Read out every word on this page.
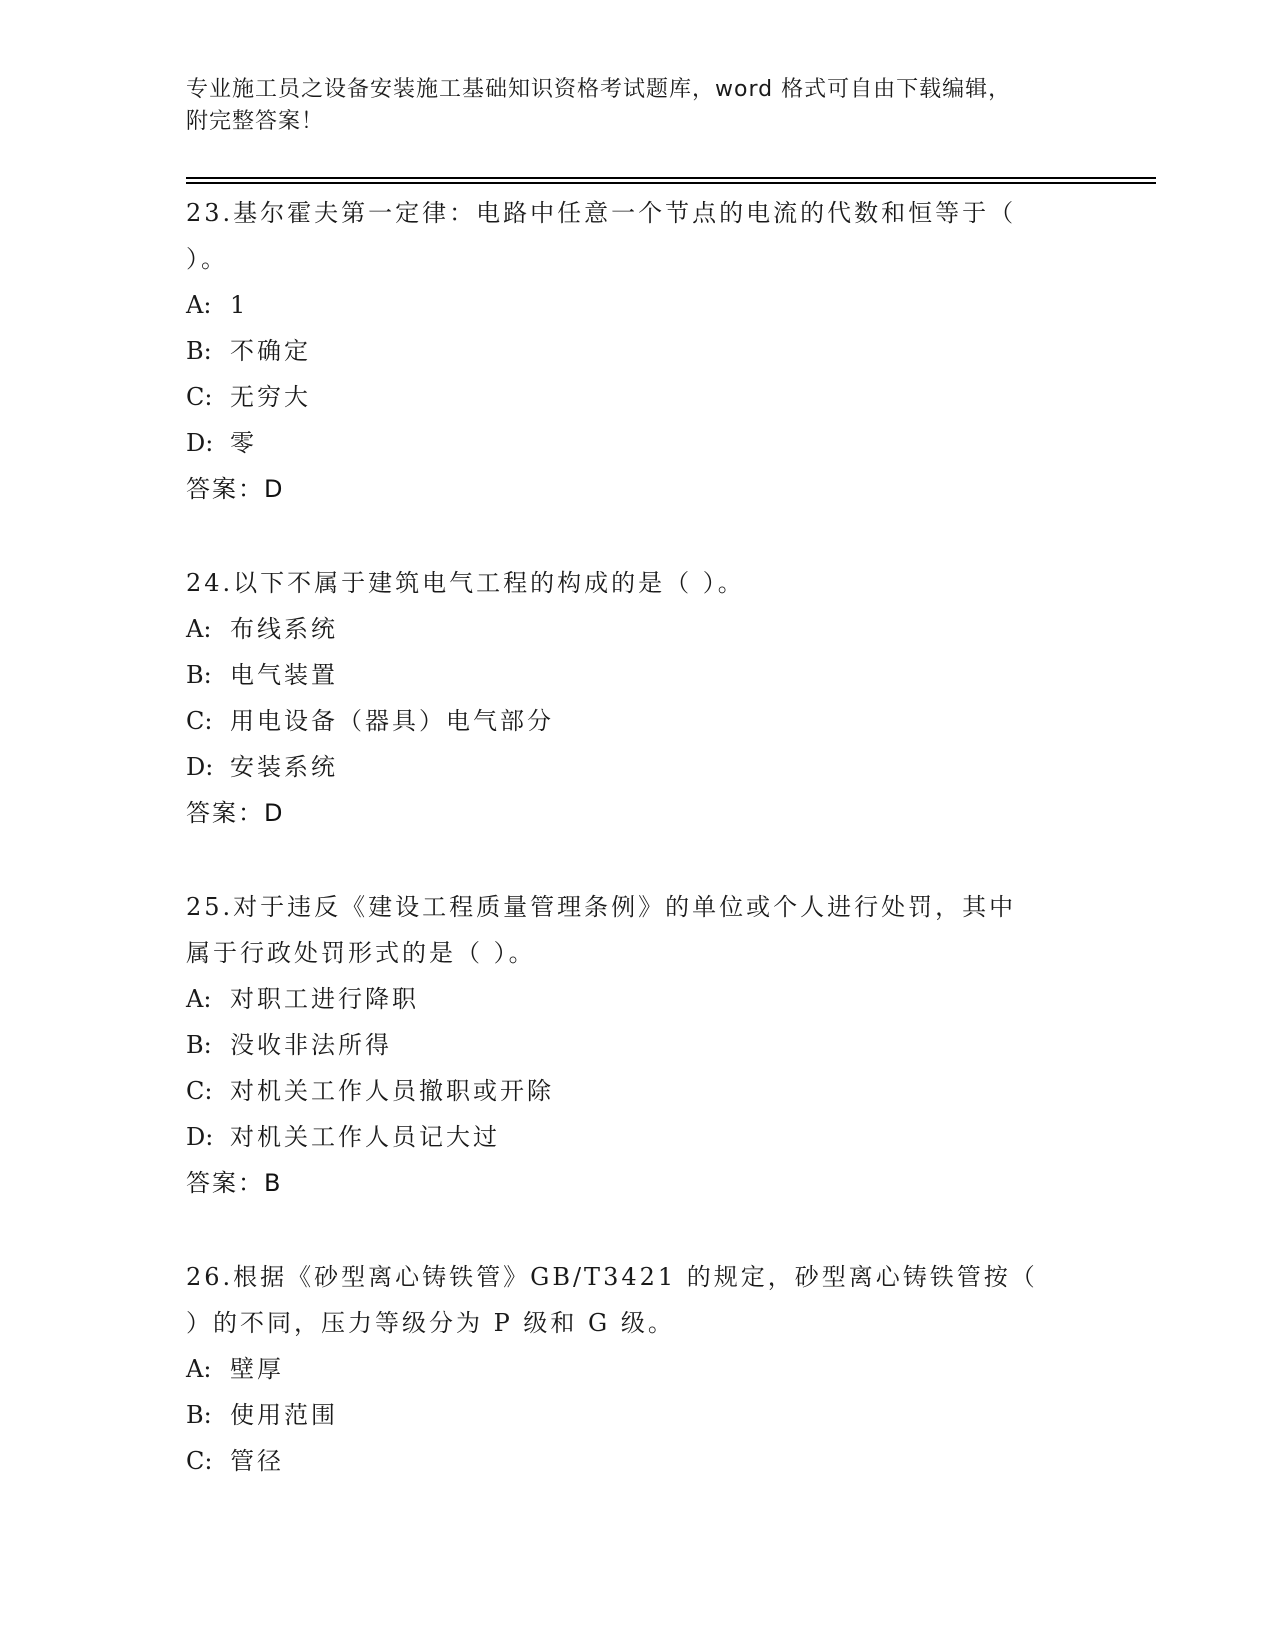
专业施工员之设备安装施工基础知识资格考试题库，word 格式可自由下载编辑，
附完整答案！
23.基尔霍夫第一定律：电路中任意一个节点的电流的代数和恒等于（
）。
A: 1
B: 不确定
C: 无穷大
D: 零
答案：D
24.以下不属于建筑电气工程的构成的是（ ）。
A: 布线系统
B: 电气装置
C: 用电设备（器具）电气部分
D: 安装系统
答案：D
25.对于违反《建设工程质量管理条例》的单位或个人进行处罚，其中
属于行政处罚形式的是（ ）。
A: 对职工进行降职
B: 没收非法所得
C: 对机关工作人员撤职或开除
D: 对机关工作人员记大过
答案：B
26.根据《砂型离心铸铁管》GB/T3421 的规定，砂型离心铸铁管按（
）的不同，压力等级分为 P 级和 G 级。
A: 壁厚
B: 使用范围
C: 管径
